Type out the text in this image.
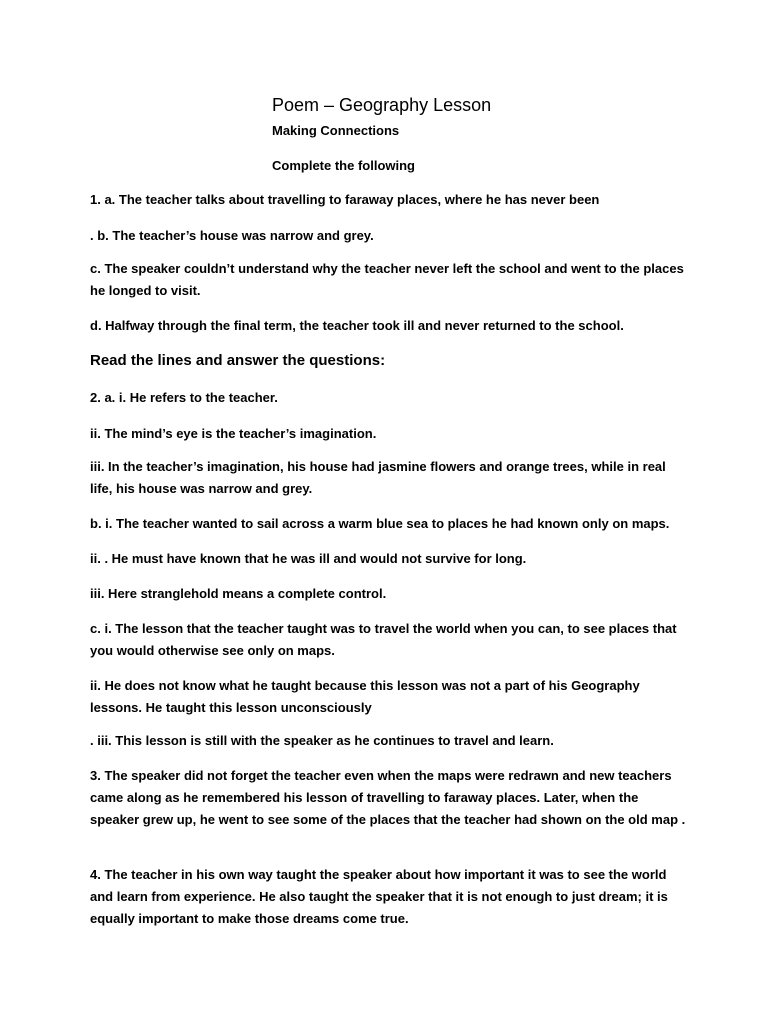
Poem – Geography Lesson
Making Connections
Complete the following
1. a. The teacher talks about travelling to faraway places, where he has never been
. b. The teacher’s house was narrow and grey.
c. The speaker couldn’t understand why the teacher never left the school and went to the places he longed to visit.
d. Halfway through the final term, the teacher took ill and never returned to the school.
Read the lines and answer the questions:
2. a. i. He refers to the teacher.
ii. The mind’s eye is the teacher’s imagination.
iii. In the teacher’s imagination, his house had jasmine flowers and orange trees, while in real life, his house was narrow and grey.
b. i. The teacher wanted to sail across a warm blue sea to places he had known only on maps.
ii. . He must have known that he was ill and would not survive for long.
iii. Here stranglehold means a complete control.
c. i. The lesson that the teacher taught was to travel the world when you can, to see places that you would otherwise see only on maps.
ii. He does not know what he taught because this lesson was not a part of his Geography lessons. He taught this lesson unconsciously
. iii. This lesson is still with the speaker as he continues to travel and learn.
3. The speaker did not forget the teacher even when the maps were redrawn and new teachers came along as he remembered his lesson of travelling to faraway places. Later, when the speaker grew up, he went to see some of the places that the teacher had shown on the old map .
4. The teacher in his own way taught the speaker about how important it was to see the world and learn from experience. He also taught the speaker that it is not enough to just dream; it is equally important to make those dreams come true.
